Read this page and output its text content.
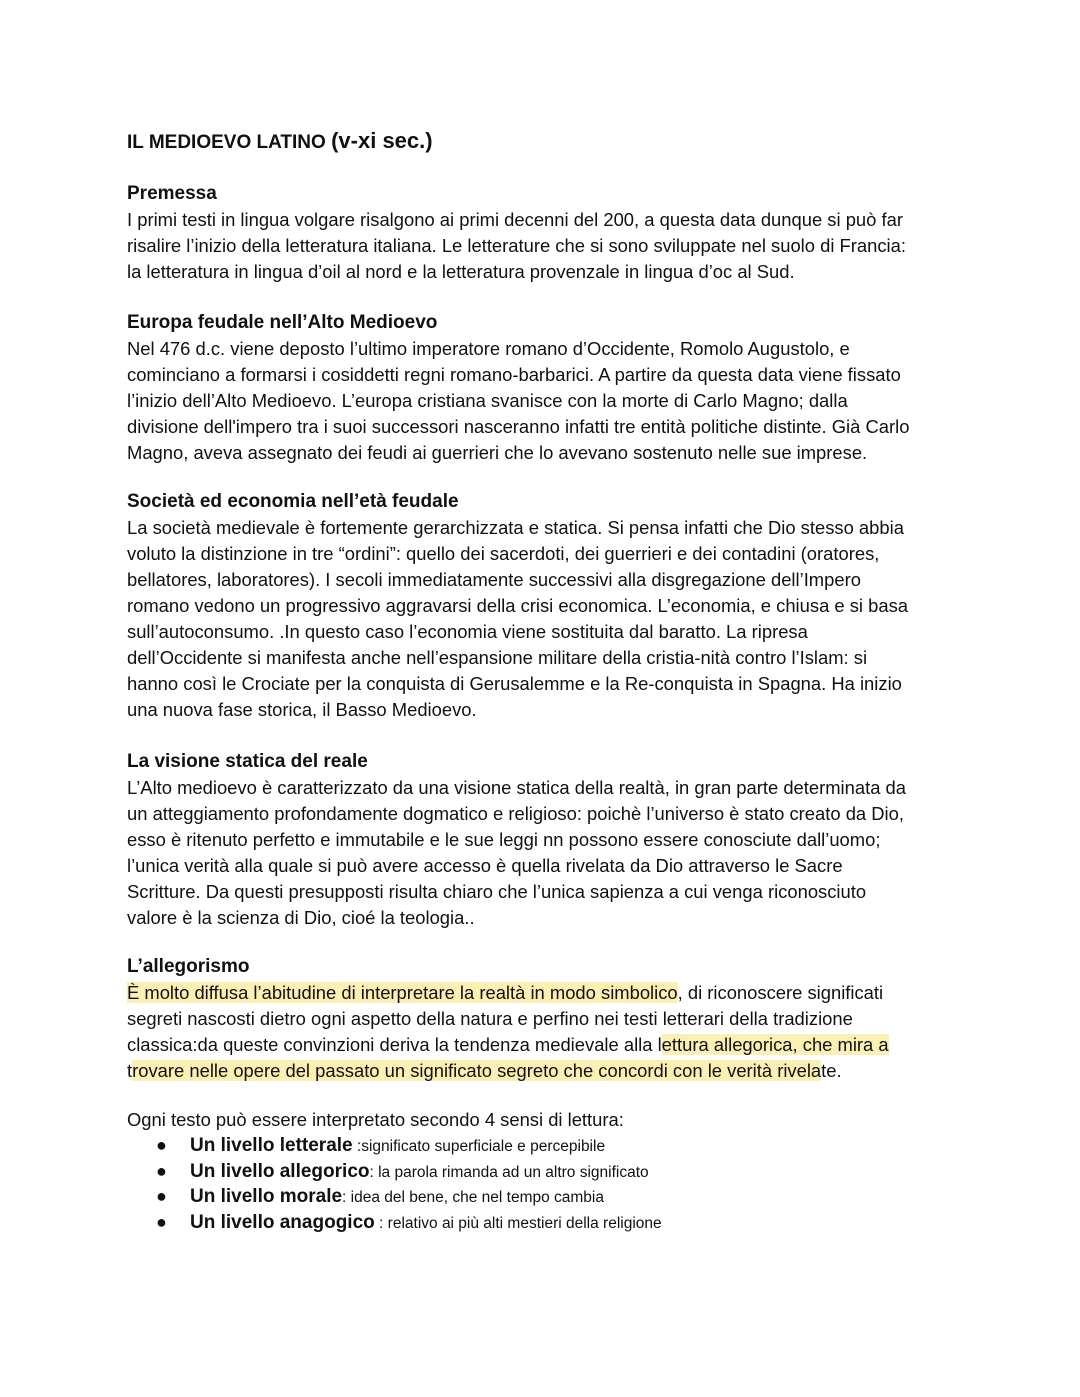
IL MEDIOEVO LATINO (v-xi sec.)
Premessa

I primi testi in lingua volgare risalgono ai primi decenni del 200, a questa data dunque si può far

risalire l’inizio della letteratura italiana. Le letterature che si sono sviluppate nel suolo di Francia:

la letteratura in lingua d’oil al nord e la letteratura provenzale in lingua d’oc al Sud.

Europa feudale nell’Alto Medioevo

Nel 476 d.c. viene deposto l’ultimo imperatore romano d’Occidente, Romolo Augustolo, e

cominciano a formarsi i cosiddetti regni romano-barbarici. A partire da questa data viene fissato

l’inizio dell’Alto Medioevo. L’europa cristiana svanisce con la morte di Carlo Magno; dalla

divisione dell'impero tra i suoi successori nasceranno infatti tre entità politiche distinte. Già Carlo

Magno, aveva assegnato dei feudi ai guerrieri che lo avevano sostenuto nelle sue imprese.

Società ed economia nell’età feudale

La società medievale è fortemente gerarchizzata e statica. Si pensa infatti che Dio stesso abbia

voluto la distinzione in tre “ordini”: quello dei sacerdoti, dei guerrieri e dei contadini (oratores,

bellatores, laboratores). I secoli immediatamente successivi alla disgregazione dell’Impero

romano vedono un progressivo aggravarsi della crisi economica. L’economia, e chiusa e si basa

sull’autoconsumo. .In questo caso l’economia viene sostituita dal baratto. La ripresa

dell’Occidente si manifesta anche nell’espansione militare della cristia-nità contro l’Islam: si

hanno così le Crociate per la conquista di Gerusalemme e la Re-conquista in Spagna. Ha inizio

una nuova fase storica, il Basso Medioevo.

La visione statica del reale

L’Alto medioevo è caratterizzato da una visione statica della realtà, in gran parte determinata da

un atteggiamento profondamente dogmatico e religioso: poichè l’universo è stato creato da Dio,

esso è ritenuto perfetto e immutabile e le sue leggi nn possono essere conosciute dall’uomo;

l’unica verità alla quale si può avere accesso è quella rivelata da Dio attraverso le Sacre

Scritture. Da questi presupposti risulta chiaro che l’unica sapienza a cui venga riconosciuto

valore è la scienza di Dio, cioé la teologia..

L’allegorismo

È molto diffusa l’abitudine di interpretare la realtà in modo simbolico, di riconoscere significati

segreti nascosti dietro ogni aspetto della natura e perfino nei testi letterari della tradizione

classica:da queste convinzioni deriva la tendenza medievale alla lettura allegorica, che mira a

trovare nelle opere del passato un significato segreto che concordi con le verità rivelate.

Ogni testo può essere interpretato secondo 4 sensi di lettura:

● Un livello letterale :significato superficiale e percepibile
● Un livello allegorico: la parola rimanda ad un altro significato
● Un livello morale: idea del bene, che nel tempo cambia
● Un livello anagogico : relativo ai più alti mestieri della religione
